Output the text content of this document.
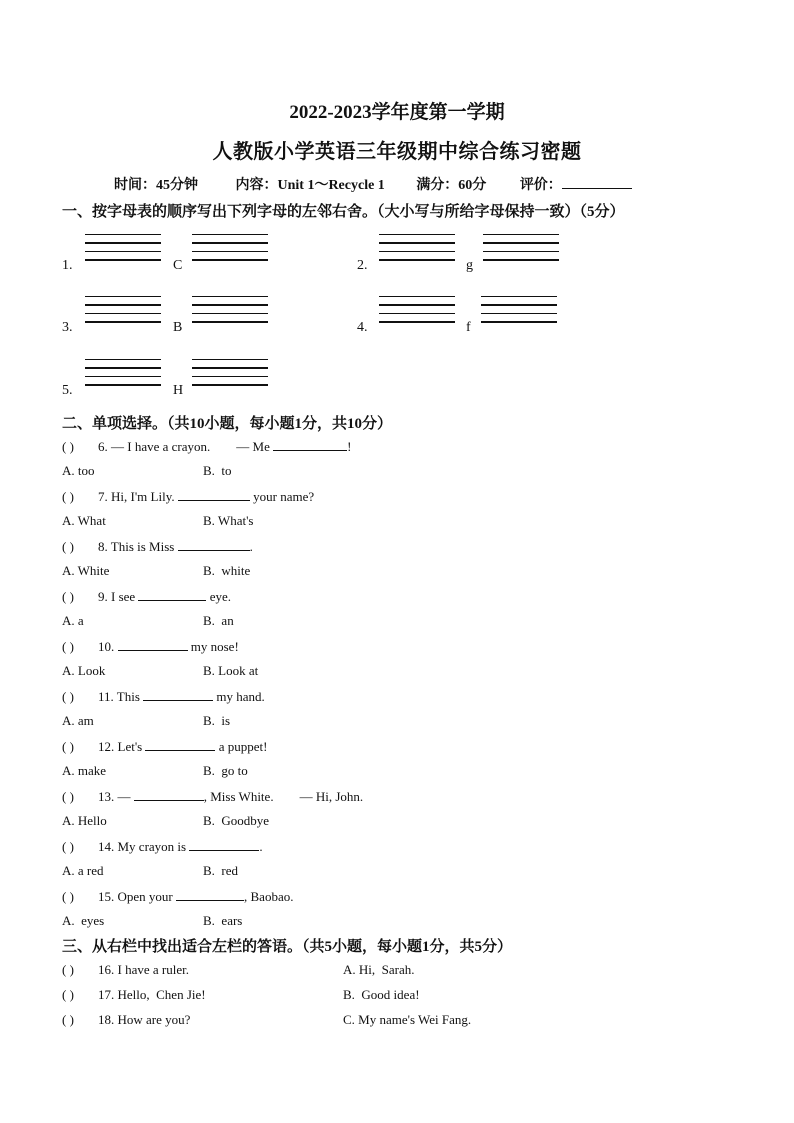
2022-2023学年度第一学期
人教版小学英语三年级期中综合练习密题
时间：45分钟	内容：Unit 1～Recycle 1 满分：60分 评价：
一、按字母表的顺序写出下列字母的左邻右舍。（大小写与所给字母保持一致）（5分）
1.	C	2.	g
3.	B	4.	f
5.	H
二、单项选择。（共10小题，每小题1分，共10分）
( ) 6. — I have a crayon.        — Me	!
A. too	B.  to
( ) 7. Hi, I'm Lily.	your name?
A. What	B. What's
( ) 8. This is Miss	.
A. White	B.  white
( ) 9. I see	eye.
A. a	B.  an
( ) 10.	my nose!
A. Look	B. Look at
( ) 11. This	my hand.
A. am	B.  is
( ) 12. Let's	a puppet!
A. make	B.  go to
( ) 13. —	, Miss White.        — Hi, John.
A. Hello	B.  Goodbye
( ) 14. My crayon is	.
A. a red	B.  red
( ) 15. Open your	, Baobao.
A.  eyes	B.  ears
三、从右栏中找出适合左栏的答语。（共5小题，每小题1分，共5分）
( ) 16. I have a ruler.	A. Hi,  Sarah.
( ) 17. Hello,  Chen Jie!	B.  Good idea!
( ) 18. How are you?	C. My name's Wei Fang.
